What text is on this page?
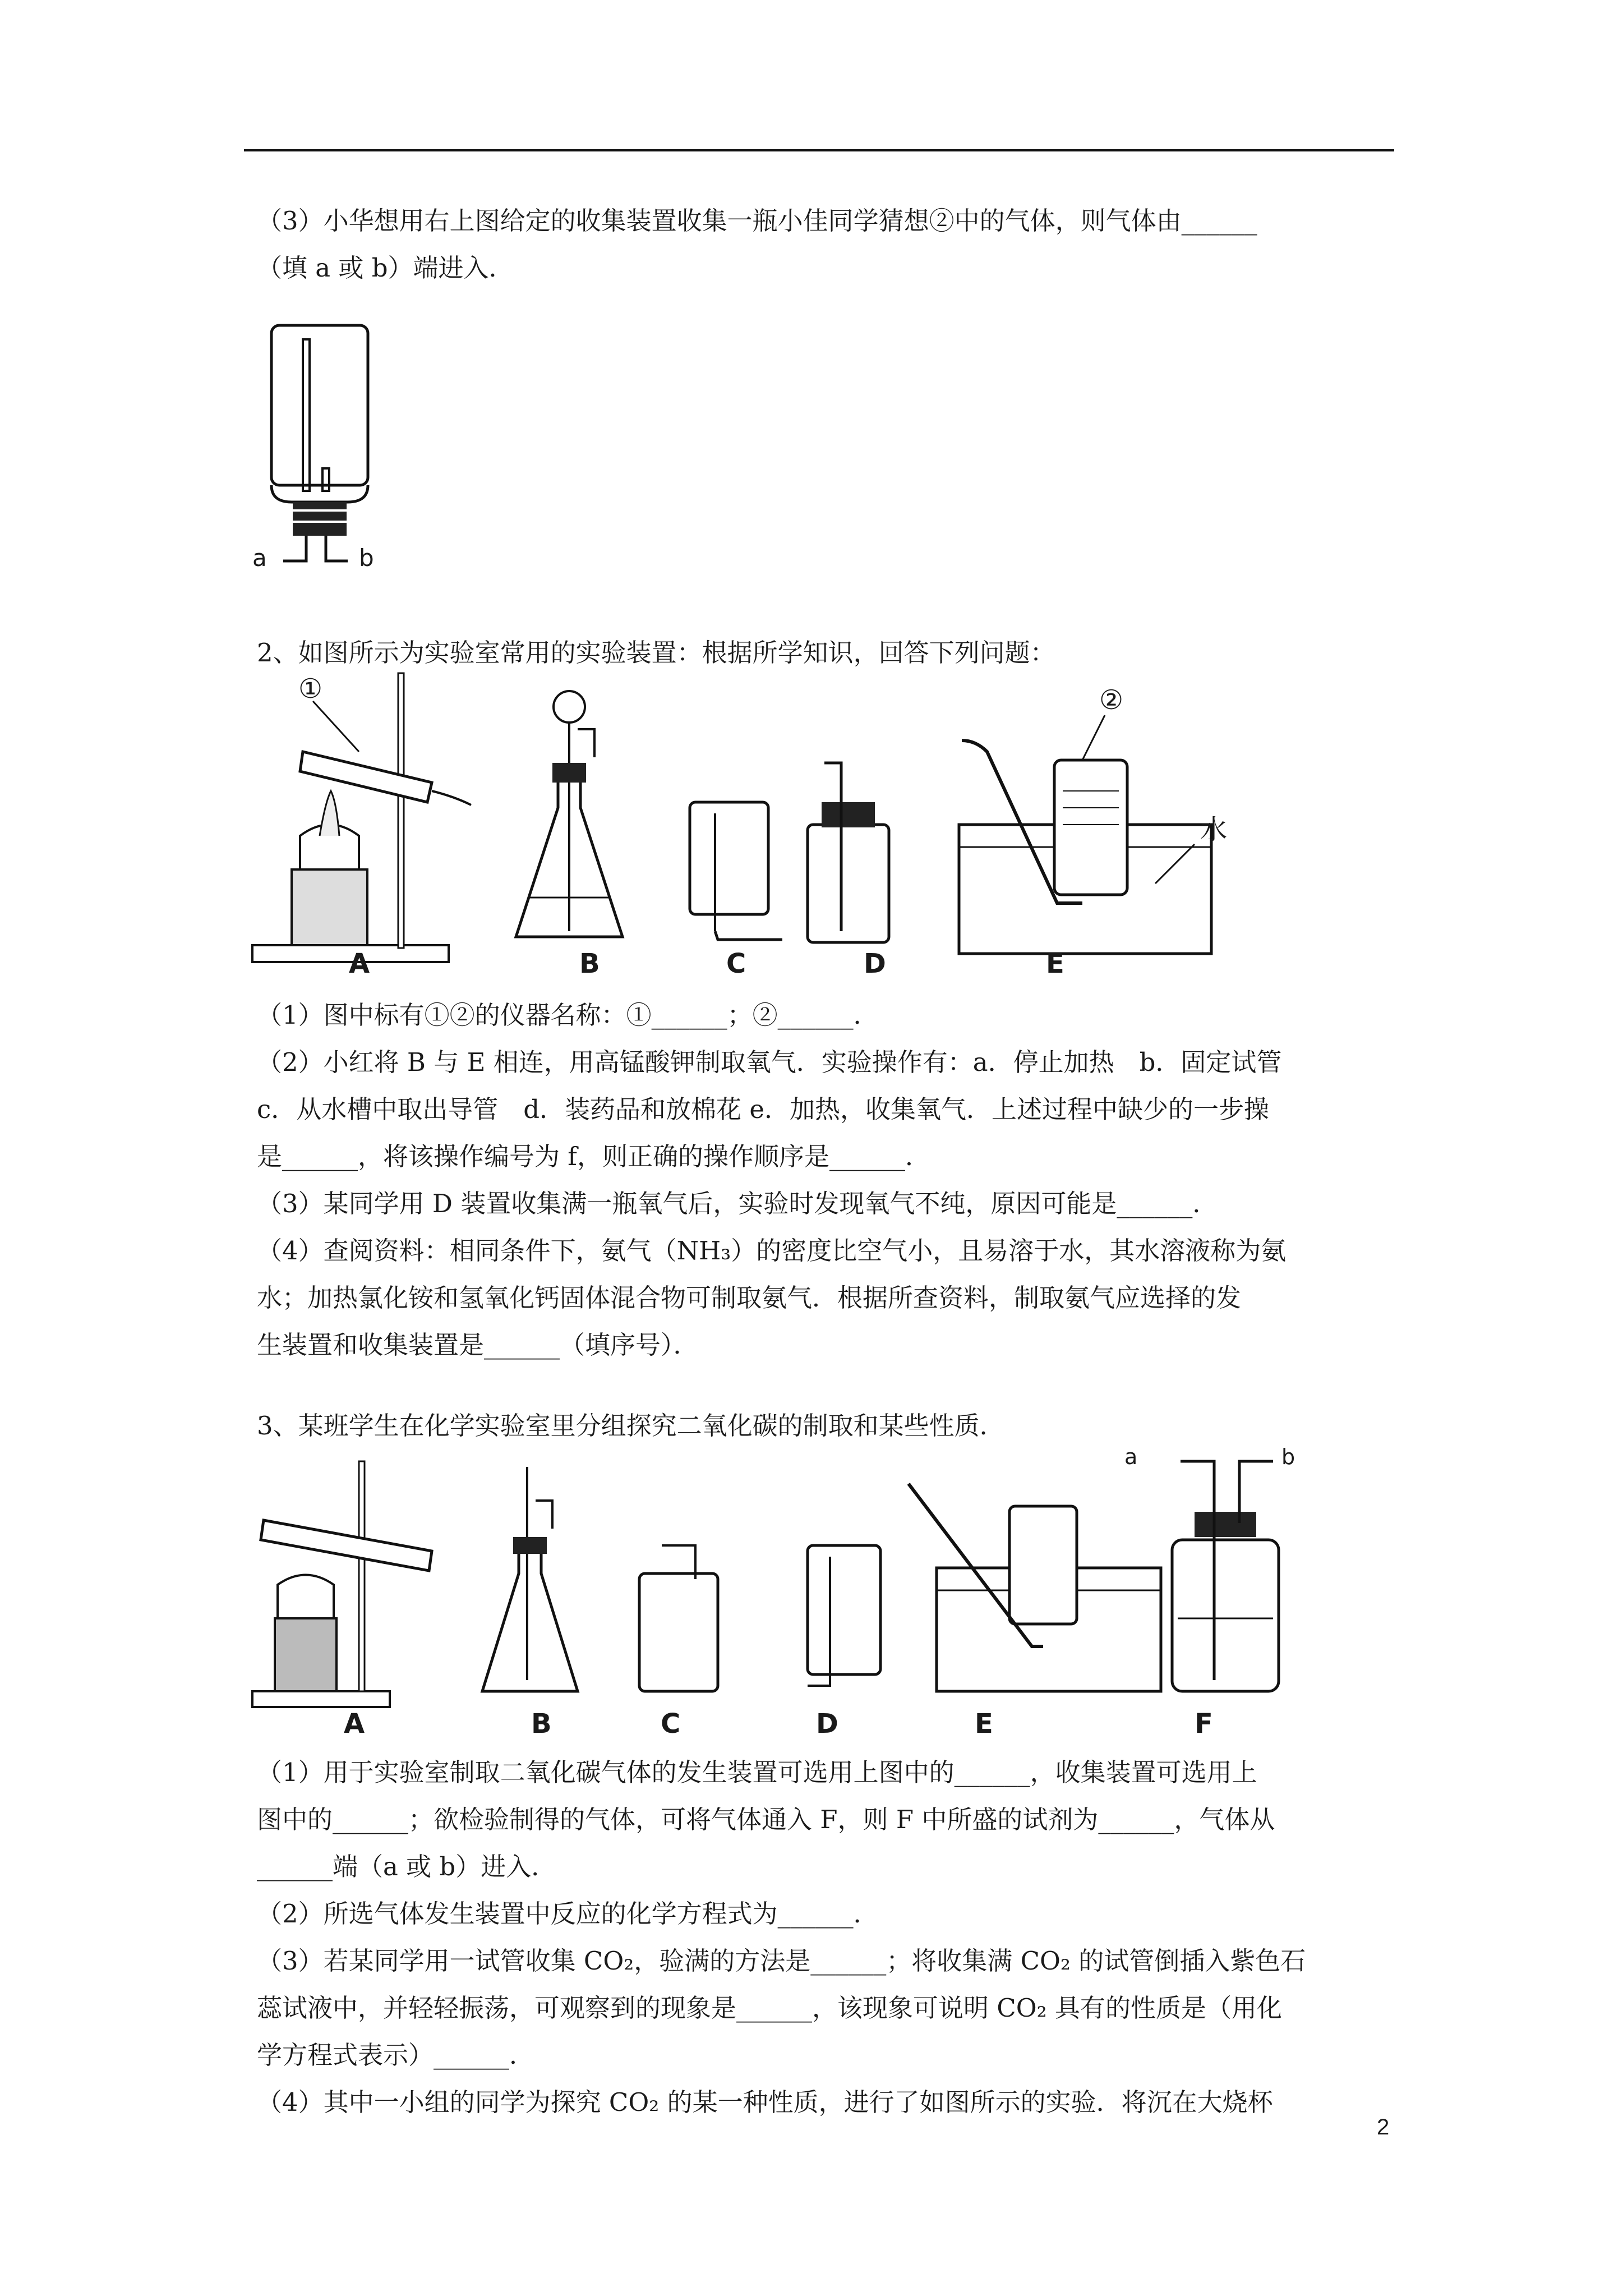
（3）小华想用右上图给定的收集装置收集一瓶小佳同学猜想②中的气体，则气体由______
（填 a 或 b）端进入．
a	b
2、如图所示为实验室常用的实验装置：根据所学知识，回答下列问题：
①	②
水
A	B	C	D	E
（1）图中标有①②的仪器名称：①______；②______．
（2）小红将 B 与 E 相连，用高锰酸钾制取氧气．实验操作有：a．停止加热　b．固定试管
c．从水槽中取出导管　d．装药品和放棉花 e．加热，收集氧气．上述过程中缺少的一步操
是______，将该操作编号为 f，则正确的操作顺序是______．
（3）某同学用 D 装置收集满一瓶氧气后，实验时发现氧气不纯，原因可能是______．
（4）查阅资料：相同条件下，氨气（NH₃）的密度比空气小，且易溶于水，其水溶液称为氨
水；加热氯化铵和氢氧化钙固体混合物可制取氨气．根据所查资料，制取氨气应选择的发
生装置和收集装置是______（填序号）．
3、某班学生在化学实验室里分组探究二氧化碳的制取和某些性质．
a	b
A	B	C	D	E	F
（1）用于实验室制取二氧化碳气体的发生装置可选用上图中的______，收集装置可选用上
图中的______；欲检验制得的气体，可将气体通入 F，则 F 中所盛的试剂为______，气体从
______端（a 或 b）进入．
（2）所选气体发生装置中反应的化学方程式为______．
（3）若某同学用一试管收集 CO₂，验满的方法是______；将收集满 CO₂ 的试管倒插入紫色石
蕊试液中，并轻轻振荡，可观察到的现象是______，该现象可说明 CO₂ 具有的性质是（用化
学方程式表示）______．
（4）其中一小组的同学为探究 CO₂ 的某一种性质，进行了如图所示的实验．将沉在大烧杯
2
